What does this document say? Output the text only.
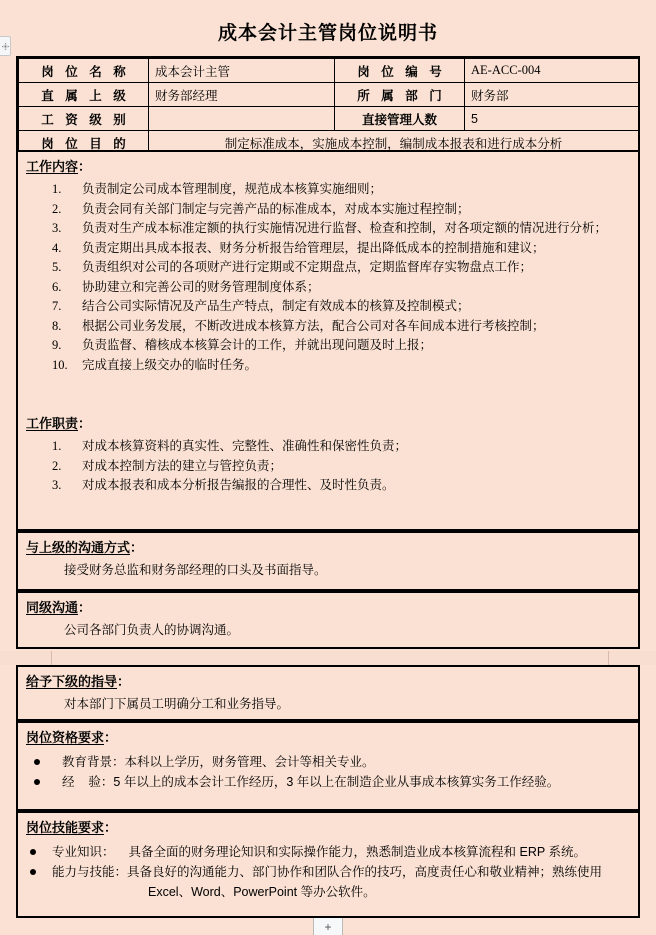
成本会计主管岗位说明书
岗 位 名 称	成本会计主管	岗 位 编 号	AE-ACC-004
直 属 上 级	财务部经理	所 属 部 门	财务部
工 资 级 别		直接管理人数	5
岗 位 目 的	制定标准成本，实施成本控制，编制成本报表和进行成本分析		
工作内容：
负责制定公司成本管理制度，规范成本核算实施细则；
负责会同有关部门制定与完善产品的标准成本，对成本实施过程控制；
负责对生产成本标准定额的执行实施情况进行监督、检查和控制，对各项定额的情况进行分析；
负责定期出具成本报表、财务分析报告给管理层，提出降低成本的控制措施和建议；
负责组织对公司的各项财产进行定期或不定期盘点，定期监督库存实物盘点工作；
协助建立和完善公司的财务管理制度体系；
结合公司实际情况及产品生产特点，制定有效成本的核算及控制模式；
根据公司业务发展，不断改进成本核算方法，配合公司对各车间成本进行考核控制；
负责监督、稽核成本核算会计的工作，并就出现问题及时上报；
完成直接上级交办的临时任务。
工作职责：
对成本核算资料的真实性、完整性、准确性和保密性负责；
对成本控制方法的建立与管控负责；
对成本报表和成本分析报告编报的合理性、及时性负责。
与上级的沟通方式：
接受财务总监和财务部经理的口头及书面指导。
同级沟通：
公司各部门负责人的协调沟通。
给予下级的指导：
对本部门下属员工明确分工和业务指导。
岗位资格要求：
教育背景：本科以上学历，财务管理、会计等相关专业。
经    验：5 年以上的成本会计工作经历，3 年以上在制造企业从事成本核算实务工作经验。
岗位技能要求：
专业知识： 具备全面的财务理论知识和实际操作能力，熟悉制造业成本核算流程和 ERP 系统。
能力与技能：具备良好的沟通能力、部门协作和团队合作的技巧，高度责任心和敬业精神；熟练使用
Excel、Word、PowerPoint 等办公软件。
+
